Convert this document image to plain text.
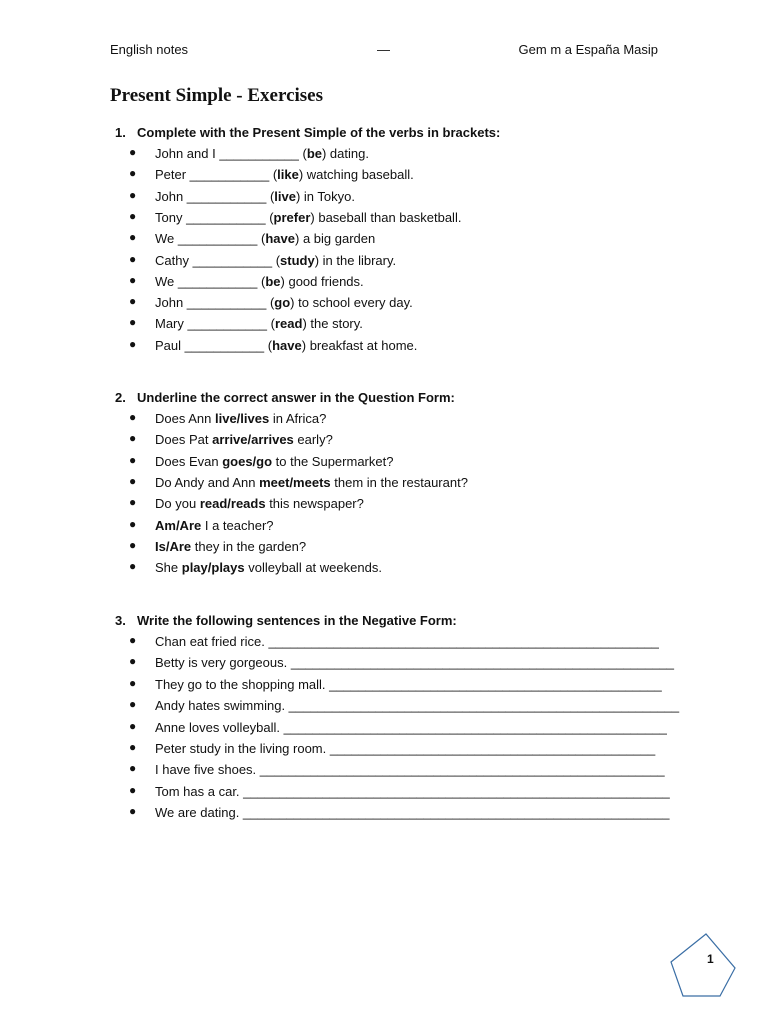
English notes	—	Gem m a España Masip
Present Simple - Exercises
1. Complete with the Present Simple of the verbs in brackets:
● John and I ___________ (be) dating.
● Peter ___________ (like) watching baseball.
● John ___________ (live) in Tokyo.
● Tony ___________ (prefer) baseball than basketball.
● We ___________ (have) a big garden
● Cathy ___________ (study) in the library.
● We ___________ (be) good friends.
● John ___________ (go) to school every day.
● Mary ___________ (read) the story.
● Paul ___________ (have) breakfast at home.
2. Underline the correct answer in the Question Form:
● Does Ann live/lives in Africa?
● Does Pat arrive/arrives early?
● Does Evan goes/go to the Supermarket?
● Do Andy and Ann meet/meets them in the restaurant?
● Do you read/reads this newspaper?
● Am/Are I a teacher?
● Is/Are they in the garden?
● She play/plays volleyball at weekends.
3. Write the following sentences in the Negative Form:
● Chan eat fried rice. ______________________________________________________
● Betty is very gorgeous. _____________________________________________________
● They go to the shopping mall. ______________________________________________
● Andy hates swimming. ______________________________________________________
● Anne loves volleyball. _____________________________________________________
● Peter study in the living room. _____________________________________________
● I have five shoes. ________________________________________________________
● Tom has a car. ___________________________________________________________
● We are dating. ___________________________________________________________
1
